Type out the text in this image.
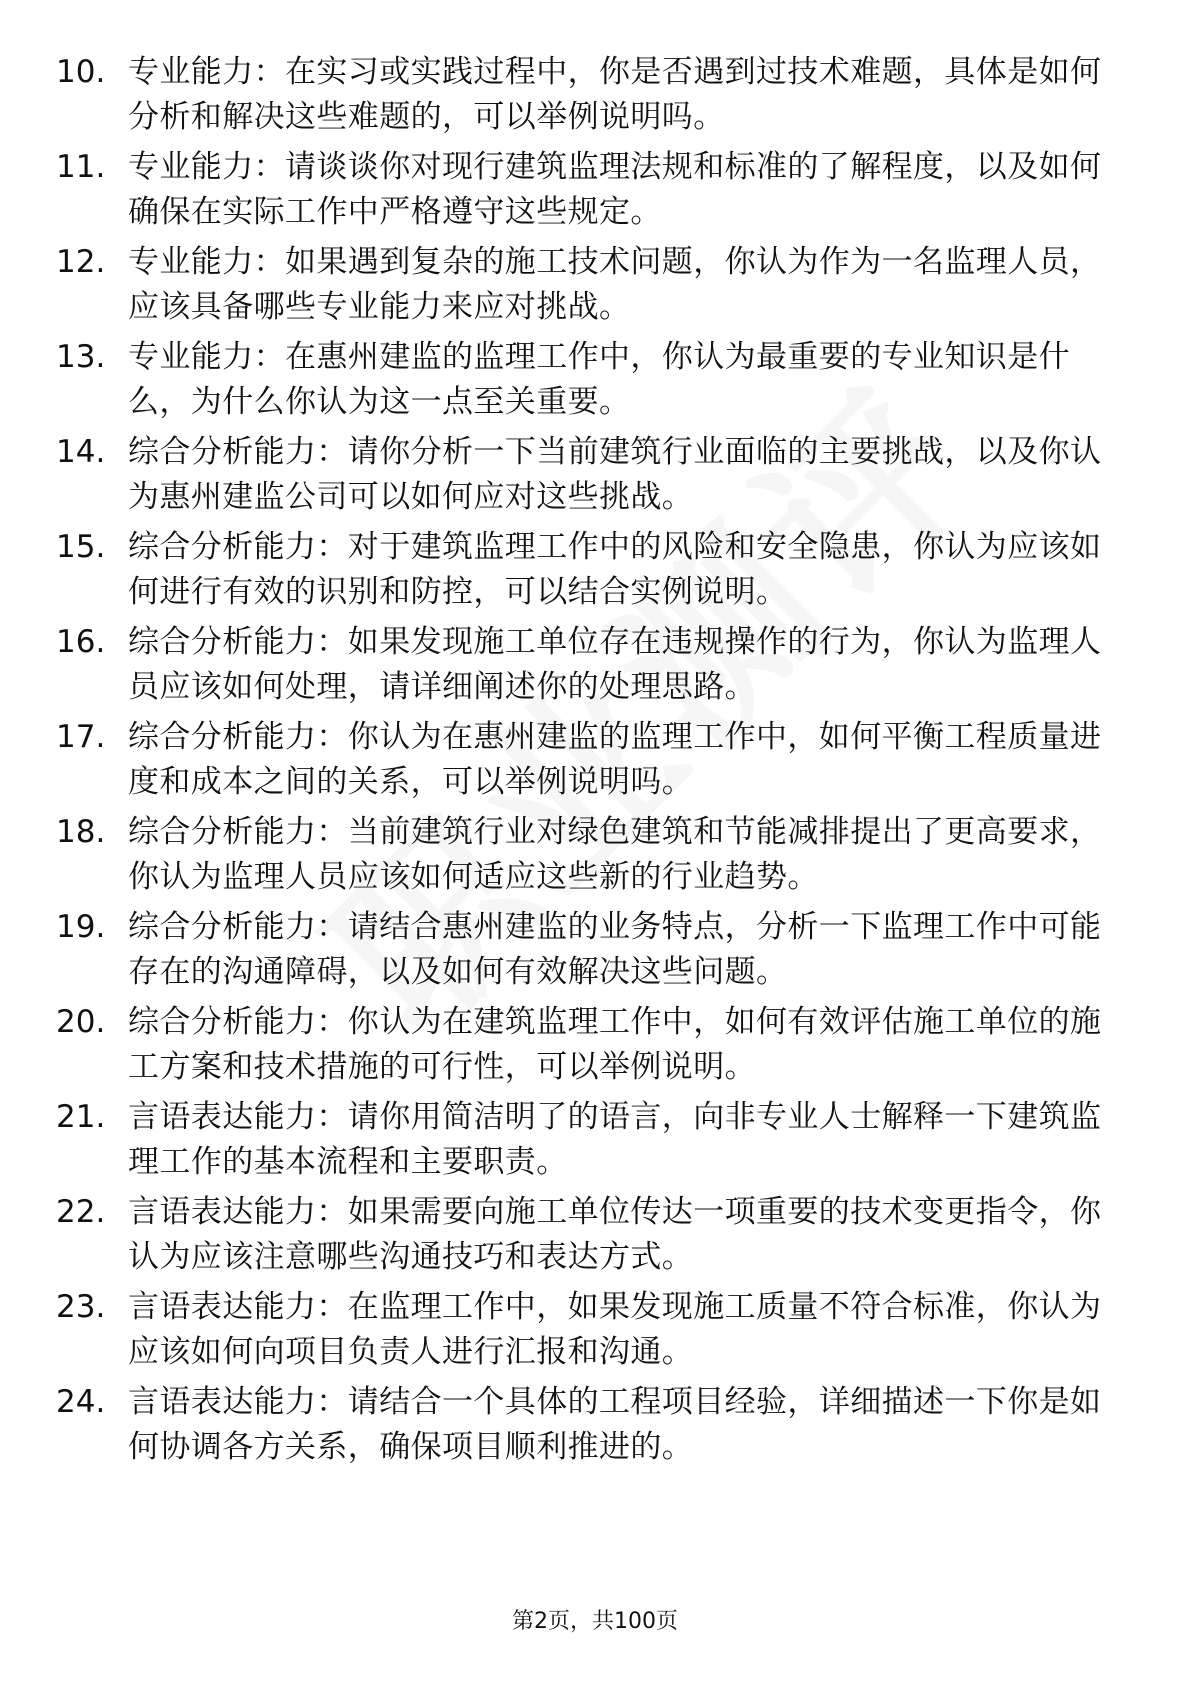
10. 专业能力：在实习或实践过程中，你是否遇到过技术难题，具体是如何分析和解决这些难题的，可以举例说明吗。
11. 专业能力：请谈谈你对现行建筑监理法规和标准的了解程度，以及如何确保在实际工作中严格遵守这些规定。
12. 专业能力：如果遇到复杂的施工技术问题，你认为作为一名监理人员，应该具备哪些专业能力来应对挑战。
13. 专业能力：在惠州建监的监理工作中，你认为最重要的专业知识是什么，为什么你认为这一点至关重要。
14. 综合分析能力：请你分析一下当前建筑行业面临的主要挑战，以及你认为惠州建监公司可以如何应对这些挑战。
15. 综合分析能力：对于建筑监理工作中的风险和安全隐患，你认为应该如何进行有效的识别和防控，可以结合实例说明。
16. 综合分析能力：如果发现施工单位存在违规操作的行为，你认为监理人员应该如何处理，请详细阐述你的处理思路。
17. 综合分析能力：你认为在惠州建监的监理工作中，如何平衡工程质量进度和成本之间的关系，可以举例说明吗。
18. 综合分析能力：当前建筑行业对绿色建筑和节能减排提出了更高要求，你认为监理人员应该如何适应这些新的行业趋势。
19. 综合分析能力：请结合惠州建监的业务特点，分析一下监理工作中可能存在的沟通障碍，以及如何有效解决这些问题。
20. 综合分析能力：你认为在建筑监理工作中，如何有效评估施工单位的施工方案和技术措施的可行性，可以举例说明。
21. 言语表达能力：请你用简洁明了的语言，向非专业人士解释一下建筑监理工作的基本流程和主要职责。
22. 言语表达能力：如果需要向施工单位传达一项重要的技术变更指令，你认为应该注意哪些沟通技巧和表达方式。
23. 言语表达能力：在监理工作中，如果发现施工质量不符合标准，你认为应该如何向项目负责人进行汇报和沟通。
24. 言语表达能力：请结合一个具体的工程项目经验，详细描述一下你是如何协调各方关系，确保项目顺利推进的。
第2页，共100页
